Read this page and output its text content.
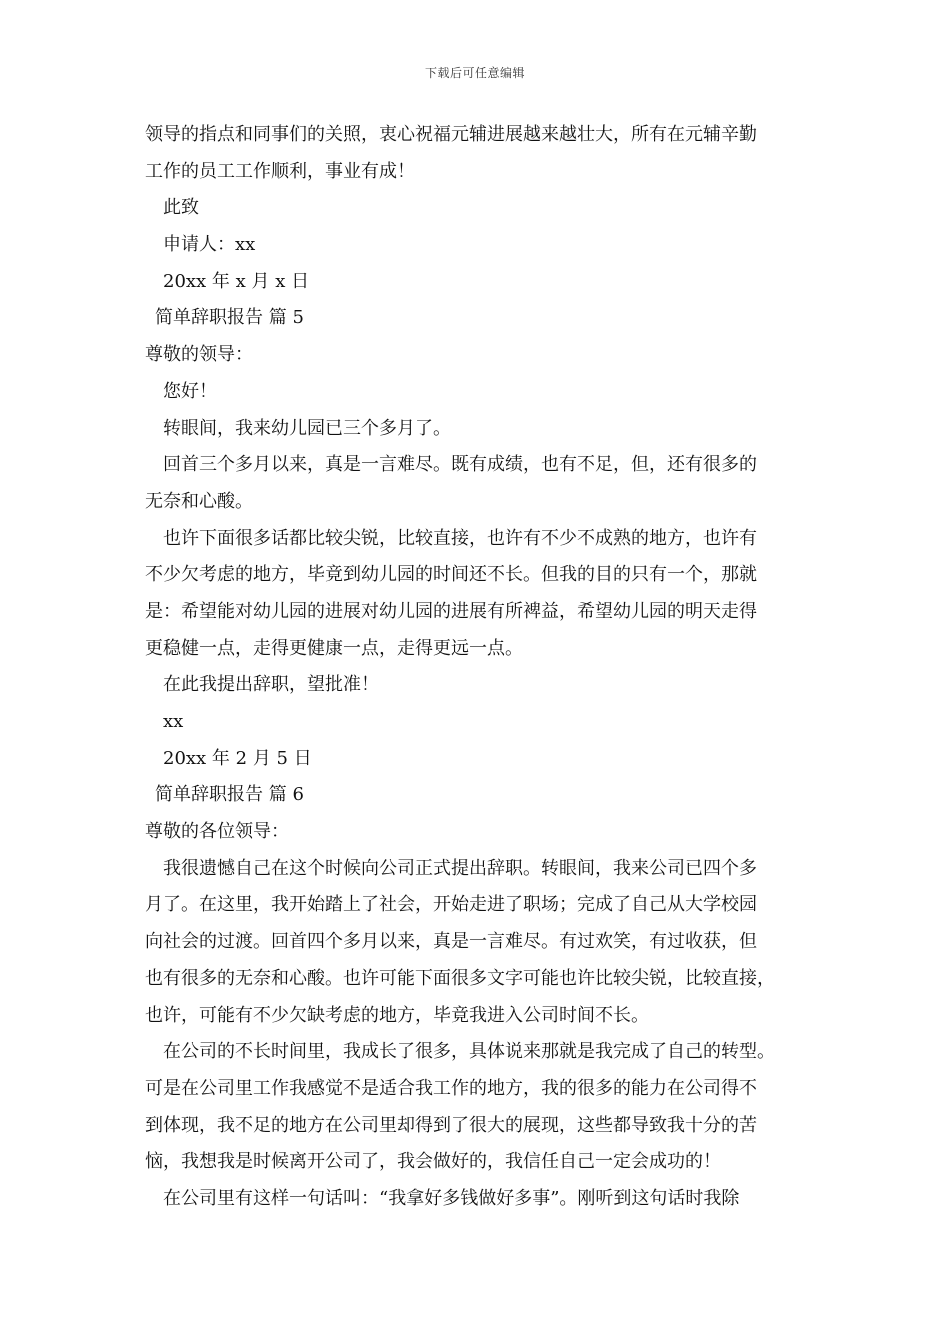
下载后可任意编辑
领导的指点和同事们的关照，衷心祝福元辅进展越来越壮大，所有在元辅辛勤
工作的员工工作顺利，事业有成！
此致
申请人：xx
20xx 年 x 月 x 日
简单辞职报告 篇 5
尊敬的领导：
您好！
转眼间，我来幼儿园已三个多月了。
回首三个多月以来，真是一言难尽。既有成绩，也有不足，但，还有很多的
无奈和心酸。
也许下面很多话都比较尖锐，比较直接，也许有不少不成熟的地方，也许有
不少欠考虑的地方，毕竟到幼儿园的时间还不长。但我的目的只有一个，那就
是：希望能对幼儿园的进展对幼儿园的进展有所裨益，希望幼儿园的明天走得
更稳健一点，走得更健康一点，走得更远一点。
在此我提出辞职，望批准！
xx
20xx 年 2 月 5 日
简单辞职报告 篇 6
尊敬的各位领导：
我很遗憾自己在这个时候向公司正式提出辞职。转眼间，我来公司已四个多
月了。在这里，我开始踏上了社会，开始走进了职场；完成了自己从大学校园
向社会的过渡。回首四个多月以来，真是一言难尽。有过欢笑，有过收获，但
也有很多的无奈和心酸。也许可能下面很多文字可能也许比较尖锐，比较直接，
也许，可能有不少欠缺考虑的地方，毕竟我进入公司时间不长。
在公司的不长时间里，我成长了很多，具体说来那就是我完成了自己的转型。
可是在公司里工作我感觉不是适合我工作的地方，我的很多的能力在公司得不
到体现，我不足的地方在公司里却得到了很大的展现，这些都导致我十分的苦
恼，我想我是时候离开公司了，我会做好的，我信任自己一定会成功的！
在公司里有这样一句话叫：“我拿好多钱做好多事”。刚听到这句话时我除
